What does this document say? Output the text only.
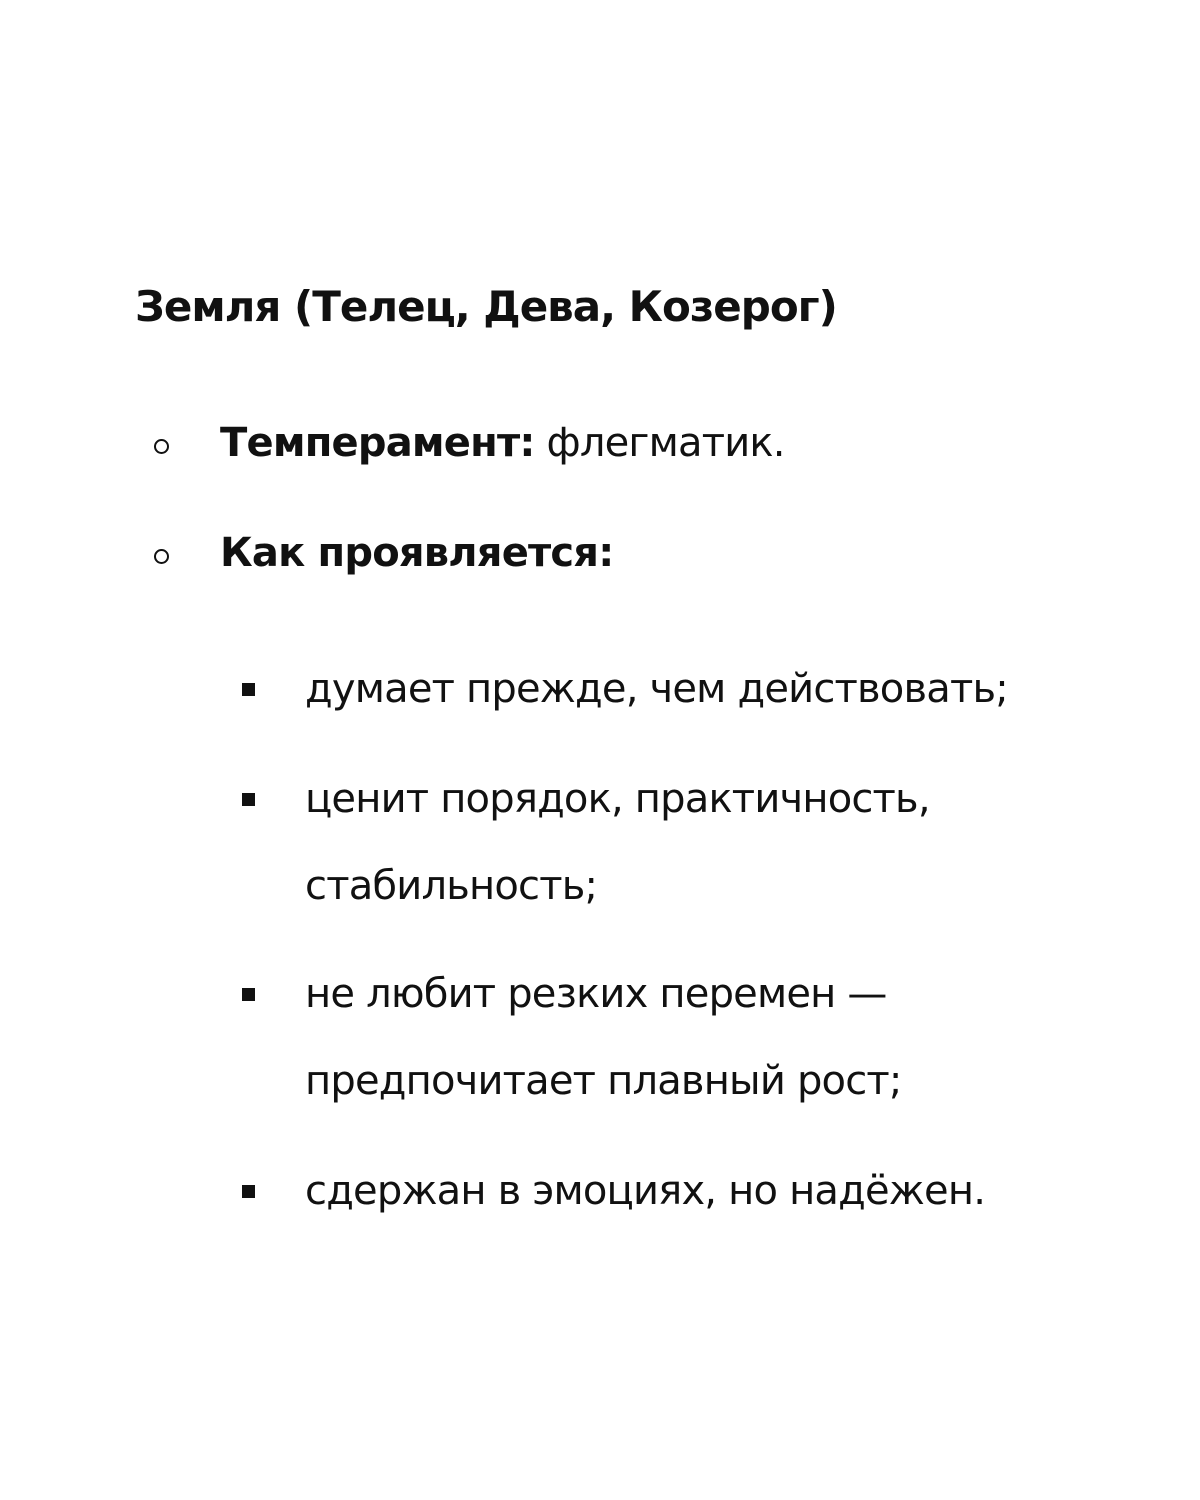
Земля (Телец, Дева, Козерог)
Темперамент: флегматик.
Как проявляется:
думает прежде, чем действовать;
ценит порядок, практичность, стабильность;
не любит резких перемен — предпочитает плавный рост;
сдержан в эмоциях, но надёжен.
